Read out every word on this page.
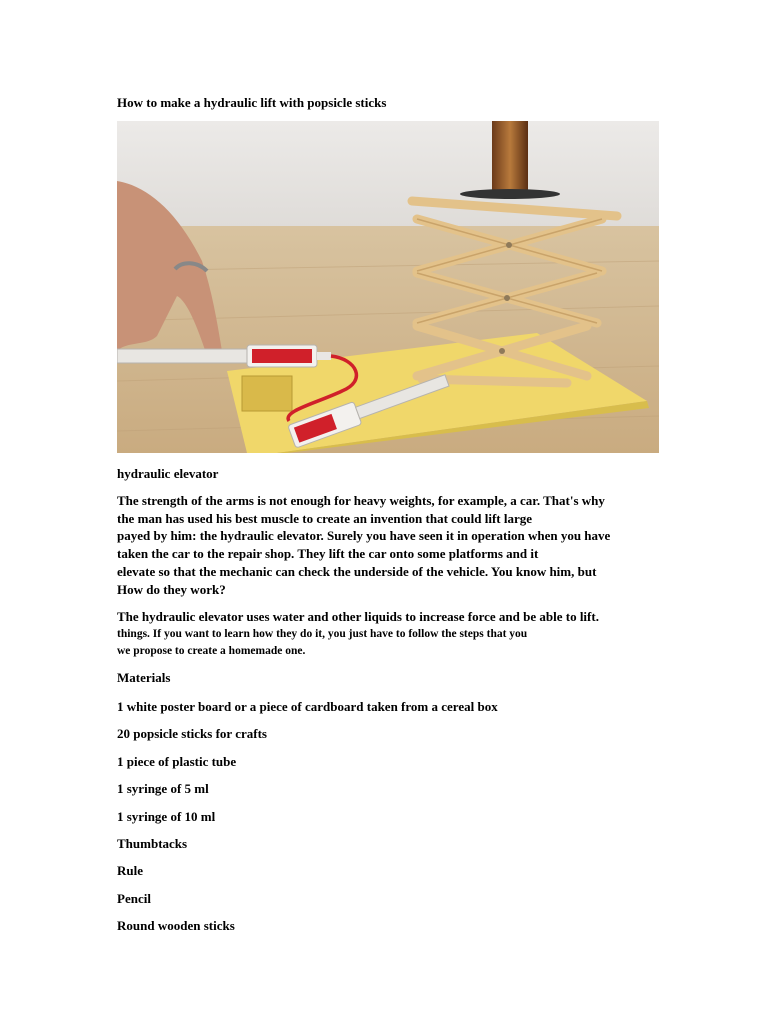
How to make a hydraulic lift with popsicle sticks
hydraulic elevator
The strength of the arms is not enough for heavy weights, for example, a car. That's why
the man has used his best muscle to create an invention that could lift large
payed by him: the hydraulic elevator. Surely you have seen it in operation when you have
taken the car to the repair shop. They lift the car onto some platforms and it
elevate so that the mechanic can check the underside of the vehicle. You know him, but
How do they work?
The hydraulic elevator uses water and other liquids to increase force and be able to lift.
things. If you want to learn how they do it, you just have to follow the steps that you
we propose to create a homemade one.
Materials
1 white poster board or a piece of cardboard taken from a cereal box
20 popsicle sticks for crafts
1 piece of plastic tube
1 syringe of 5 ml
1 syringe of 10 ml
Thumbtacks
Rule
Pencil
Round wooden sticks
